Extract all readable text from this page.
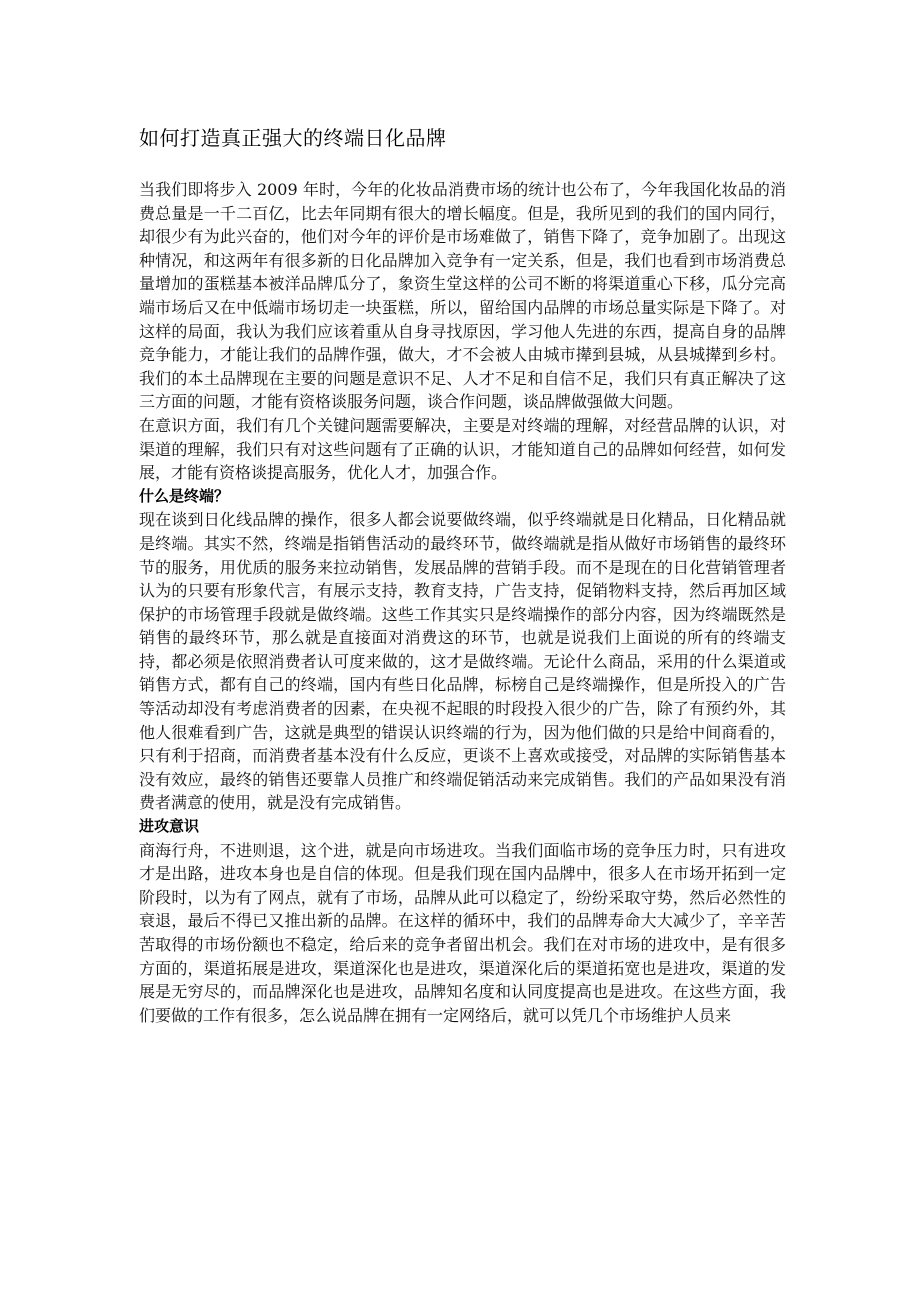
如何打造真正强大的终端日化品牌

当我们即将步入 2009 年时，今年的化妆品消费市场的统计也公布了，今年我国化妆品的消费总量是一千二百亿，比去年同期有很大的增长幅度。但是，我所见到的我们的国内同行，却很少有为此兴奋的，他们对今年的评价是市场难做了，销售下降了，竞争加剧了。出现这种情况，和这两年有很多新的日化品牌加入竞争有一定关系，但是，我们也看到市场消费总量增加的蛋糕基本被洋品牌瓜分了，象资生堂这样的公司不断的将渠道重心下移，瓜分完高端市场后又在中低端市场切走一块蛋糕，所以，留给国内品牌的市场总量实际是下降了。对这样的局面，我认为我们应该着重从自身寻找原因，学习他人先进的东西，提高自身的品牌竞争能力，才能让我们的品牌作强，做大，才不会被人由城市撵到县城，从县城撵到乡村。我们的本土品牌现在主要的问题是意识不足、人才不足和自信不足，我们只有真正解决了这三方面的问题，才能有资格谈服务问题，谈合作问题，谈品牌做强做大问题。

在意识方面，我们有几个关键问题需要解决，主要是对终端的理解，对经营品牌的认识，对渠道的理解，我们只有对这些问题有了正确的认识，才能知道自己的品牌如何经营，如何发展，才能有资格谈提高服务，优化人才，加强合作。

什么是终端？

现在谈到日化线品牌的操作，很多人都会说要做终端，似乎终端就是日化精品，日化精品就是终端。其实不然，终端是指销售活动的最终环节，做终端就是指从做好市场销售的最终环节的服务，用优质的服务来拉动销售，发展品牌的营销手段。而不是现在的日化营销管理者认为的只要有形象代言，有展示支持，教育支持，广告支持，促销物料支持，然后再加区域保护的市场管理手段就是做终端。这些工作其实只是终端操作的部分内容，因为终端既然是销售的最终环节，那么就是直接面对消费这的环节，也就是说我们上面说的所有的终端支持，都必须是依照消费者认可度来做的，这才是做终端。无论什么商品，采用的什么渠道或销售方式，都有自己的终端，国内有些日化品牌，标榜自己是终端操作，但是所投入的广告等活动却没有考虑消费者的因素，在央视不起眼的时段投入很少的广告，除了有预约外，其他人很难看到广告，这就是典型的错误认识终端的行为，因为他们做的只是给中间商看的，只有利于招商，而消费者基本没有什么反应，更谈不上喜欢或接受，对品牌的实际销售基本没有效应，最终的销售还要靠人员推广和终端促销活动来完成销售。我们的产品如果没有消费者满意的使用，就是没有完成销售。

进攻意识

商海行舟，不进则退，这个进，就是向市场进攻。当我们面临市场的竞争压力时，只有进攻才是出路，进攻本身也是自信的体现。但是我们现在国内品牌中，很多人在市场开拓到一定阶段时，以为有了网点，就有了市场，品牌从此可以稳定了，纷纷采取守势，然后必然性的衰退，最后不得已又推出新的品牌。在这样的循环中，我们的品牌寿命大大减少了，辛辛苦苦取得的市场份额也不稳定，给后来的竞争者留出机会。我们在对市场的进攻中，是有很多方面的，渠道拓展是进攻，渠道深化也是进攻，渠道深化后的渠道拓宽也是进攻，渠道的发展是无穷尽的，而品牌深化也是进攻，品牌知名度和认同度提高也是进攻。在这些方面，我们要做的工作有很多，怎么说品牌在拥有一定网络后，就可以凭几个市场维护人员来
